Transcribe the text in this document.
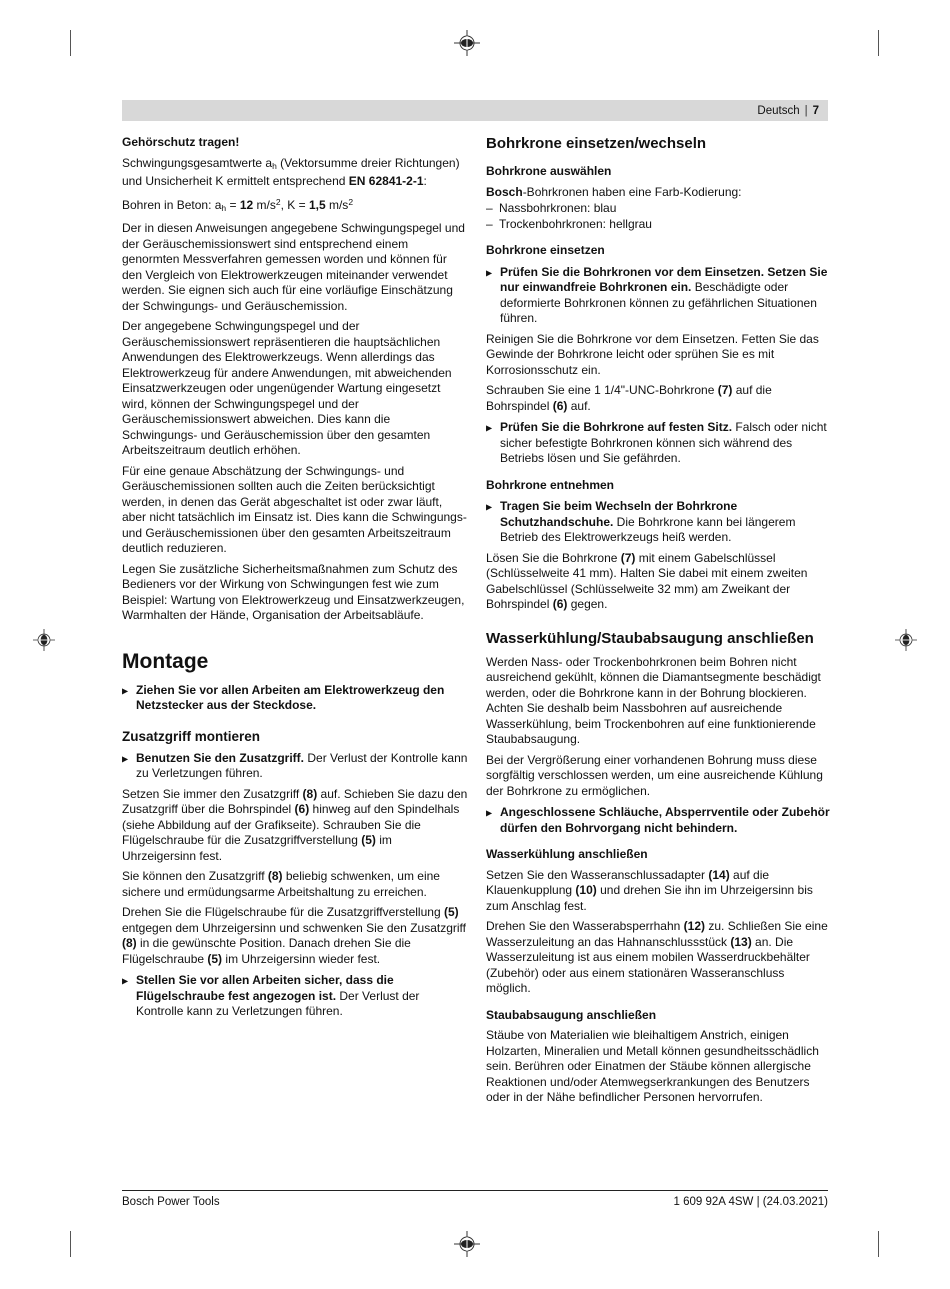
Deutsch | 7
Gehörschutz tragen!
Schwingungsgesamtwerte $a_h$ (Vektorsumme dreier Richtungen) und Unsicherheit K ermittelt entsprechend EN 62841-2-1:
Bohren in Beton: $a_h = 12$ $m/s^2$, K = 1,5 $m/s^2$
Der in diesen Anweisungen angegebene Schwingungspegel und der Geräuschemissionswert sind entsprechend einem genormten Messverfahren gemessen worden und können für den Vergleich von Elektrowerkzeugen miteinander verwendet werden. Sie eignen sich auch für eine vorläufige Einschätzung der Schwingungs- und Geräuschemission.
Der angegebene Schwingungspegel und der Geräuschemissionswert repräsentieren die hauptsächlichen Anwendungen des Elektrowerkzeugs. Wenn allerdings das Elektrowerkzeug für andere Anwendungen, mit abweichenden Einsatzwerkzeugen oder ungenügender Wartung eingesetzt wird, können der Schwingungspegel und der Geräuschemissionswert abweichen. Dies kann die Schwingungs- und Geräuschemission über den gesamten Arbeitszeitraum deutlich erhöhen.
Für eine genaue Abschätzung der Schwingungs- und Geräuschemissionen sollten auch die Zeiten berücksichtigt werden, in denen das Gerät abgeschaltet ist oder zwar läuft, aber nicht tatsächlich im Einsatz ist. Dies kann die Schwingungs- und Geräuschemissionen über den gesamten Arbeitszeitraum deutlich reduzieren.
Legen Sie zusätzliche Sicherheitsmaßnahmen zum Schutz des Bedieners vor der Wirkung von Schwingungen fest wie zum Beispiel: Wartung von Elektrowerkzeug und Einsatzwerkzeugen, Warmhalten der Hände, Organisation der Arbeitsabläufe.
Montage
▶ Ziehen Sie vor allen Arbeiten am Elektrowerkzeug den Netzstecker aus der Steckdose.
Zusatzgriff montieren
▶ Benutzen Sie den Zusatzgriff. Der Verlust der Kontrolle kann zu Verletzungen führen.
Setzen Sie immer den Zusatzgriff (8) auf. Schieben Sie dazu den Zusatzgriff über die Bohrspindel (6) hinweg auf den Spindelhals (siehe Abbildung auf der Grafikseite). Schrauben Sie die Flügelschraube für die Zusatzgriffverstellung (5) im Uhrzeigersinn fest.
Sie können den Zusatzgriff (8) beliebig schwenken, um eine sichere und ermüdungsarme Arbeitshaltung zu erreichen.
Drehen Sie die Flügelschraube für die Zusatzgriffverstellung (5) entgegen dem Uhrzeigersinn und schwenken Sie den Zusatzgriff (8) in die gewünschte Position. Danach drehen Sie die Flügelschraube (5) im Uhrzeigersinn wieder fest.
▶ Stellen Sie vor allen Arbeiten sicher, dass die Flügelschraube fest angezogen ist. Der Verlust der Kontrolle kann zu Verletzungen führen.
Bohrkrone einsetzen/wechseln
Bohrkrone auswählen
Bosch-Bohrkronen haben eine Farb-Kodierung:
– Nassbohrkronen: blau
– Trockenbohrkronen: hellgrau
Bohrkrone einsetzen
▶ Prüfen Sie die Bohrkronen vor dem Einsetzen. Setzen Sie nur einwandfreie Bohrkronen ein. Beschädigte oder deformierte Bohrkronen können zu gefährlichen Situationen führen.
Reinigen Sie die Bohrkrone vor dem Einsetzen. Fetten Sie das Gewinde der Bohrkrone leicht oder sprühen Sie es mit Korrosionsschutz ein.
Schrauben Sie eine 1 1/4"-UNC-Bohrkrone (7) auf die Bohrspindel (6) auf.
▶ Prüfen Sie die Bohrkrone auf festen Sitz. Falsch oder nicht sicher befestigte Bohrkronen können sich während des Betriebs lösen und Sie gefährden.
Bohrkrone entnehmen
▶ Tragen Sie beim Wechseln der Bohrkrone Schutzhandschuhe. Die Bohrkrone kann bei längerem Betrieb des Elektrowerkzeugs heiß werden.
Lösen Sie die Bohrkrone (7) mit einem Gabelschlüssel (Schlüsselweite 41 mm). Halten Sie dabei mit einem zweiten Gabelschlüssel (Schlüsselweite 32 mm) am Zweikant der Bohrspindel (6) gegen.
Wasserkühlung/Staubabsaugung anschließen
Werden Nass- oder Trockenbohrkronen beim Bohren nicht ausreichend gekühlt, können die Diamantsegmente beschädigt werden, oder die Bohrkrone kann in der Bohrung blockieren. Achten Sie deshalb beim Nassbohren auf ausreichende Wasserkühlung, beim Trockenbohren auf eine funktionierende Staubabsaugung.
Bei der Vergrößerung einer vorhandenen Bohrung muss diese sorgfältig verschlossen werden, um eine ausreichende Kühlung der Bohrkrone zu ermöglichen.
▶ Angeschlossene Schläuche, Absperrventile oder Zubehör dürfen den Bohrvorgang nicht behindern.
Wasserkühlung anschließen
Setzen Sie den Wasseranschlussadapter (14) auf die Klauenkupplung (10) und drehen Sie ihn im Uhrzeigersinn bis zum Anschlag fest.
Drehen Sie den Wasserabsperrhahn (12) zu. Schließen Sie eine Wasserzuleitung an das Hahnanschlussstück (13) an. Die Wasserzuleitung ist aus einem mobilen Wasserdruckbehälter (Zubehör) oder aus einem stationären Wasseranschluss möglich.
Staubabsaugung anschließen
Stäube von Materialien wie bleihaltigem Anstrich, einigen Holzarten, Mineralien und Metall können gesundheitsschädlich sein. Berühren oder Einatmen der Stäube können allergische Reaktionen und/oder Atemwegserkrankungen des Benutzers oder in der Nähe befindlicher Personen hervorrufen.
Bosch Power Tools	1 609 92A 4SW | (24.03.2021)
